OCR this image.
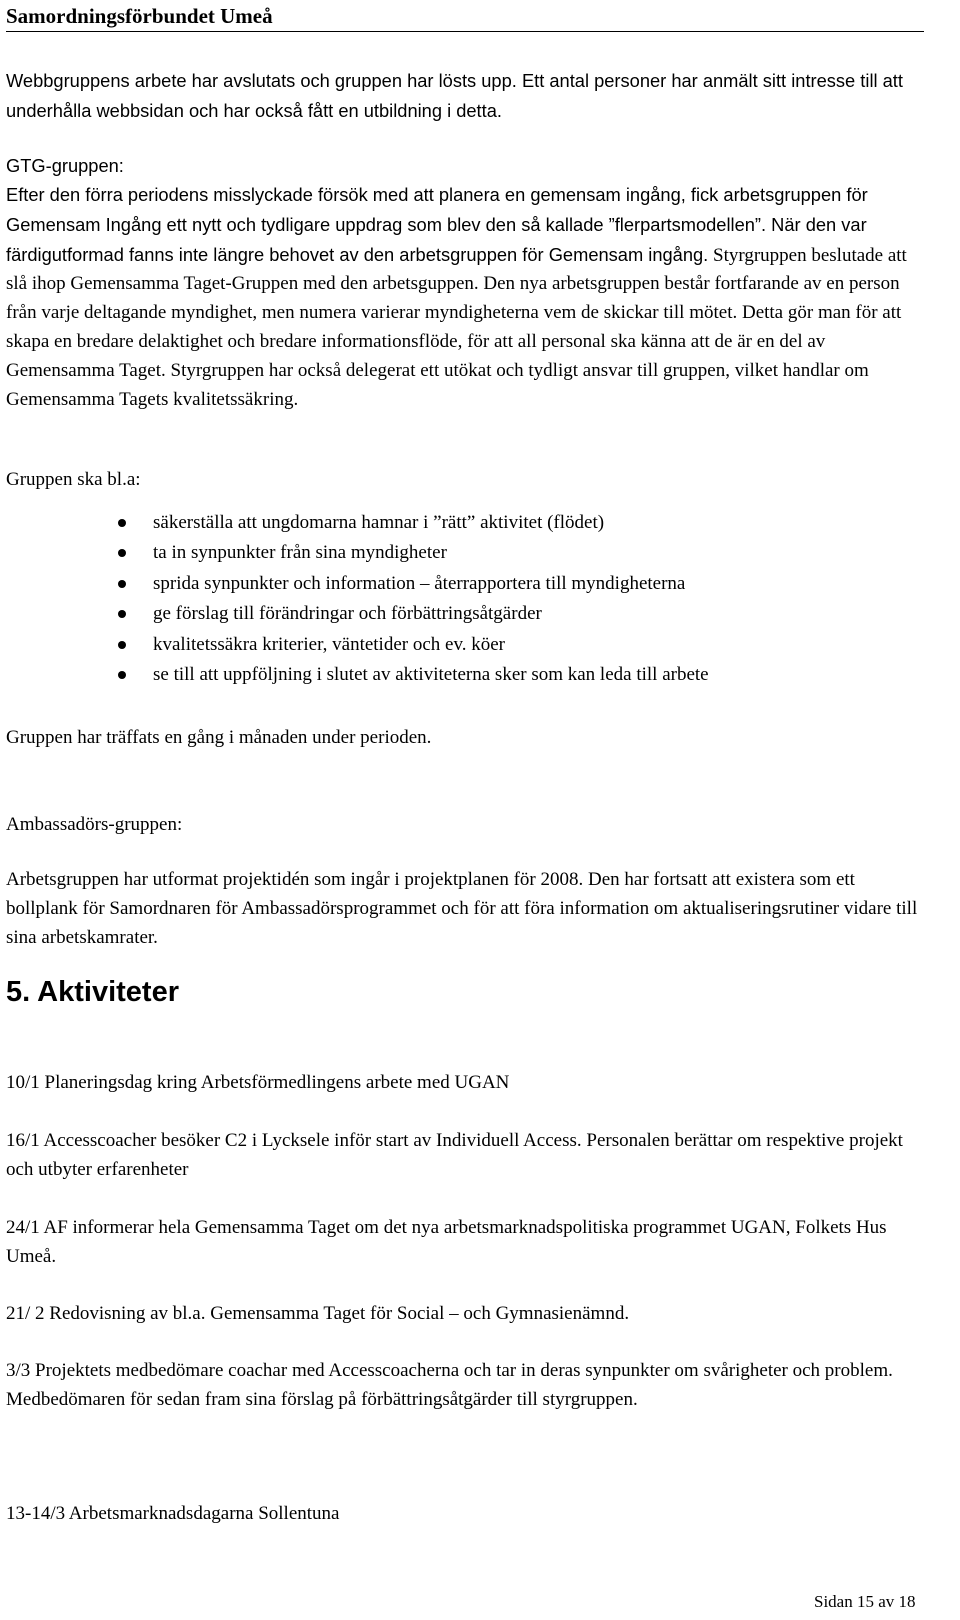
Samordningsförbundet Umeå

Webbgruppens arbete har avslutats och gruppen har lösts upp. Ett antal personer har anmält sitt intresse till att underhålla webbsidan och har också fått en utbildning i detta.

GTG-gruppen:

Efter den förra periodens misslyckade försök med att planera en gemensam ingång, fick arbetsgruppen för Gemensam Ingång ett nytt och tydligare uppdrag som blev den så kallade ”flerpartsmodellen”. När den var färdigutformad fanns inte längre behovet av den arbetsgruppen för Gemensam ingång. Styrgruppen beslutade att slå ihop Gemensamma Taget-Gruppen med den arbetsguppen. Den nya arbetsgruppen består fortfarande av en person från varje deltagande myndighet, men numera varierar myndigheterna vem de skickar till mötet. Detta gör man för att skapa en bredare delaktighet och bredare informationsflöde, för att all personal ska känna att de är en del av Gemensamma Taget. Styrgruppen har också delegerat ett utökat och tydligt ansvar till gruppen, vilket handlar om Gemensamma Tagets kvalitetssäkring.

Gruppen ska bl.a:

säkerställa att ungdomarna hamnar i ”rätt” aktivitet (flödet)
ta in synpunkter från sina myndigheter
sprida synpunkter och information – återrapportera till myndigheterna
ge förslag till förändringar och förbättringsåtgärder
kvalitetssäkra kriterier, väntetider och ev. köer
se till att uppföljning i slutet av aktiviteterna sker som kan leda till arbete

Gruppen har träffats en gång i månaden under perioden.

Ambassadörs-gruppen:

Arbetsgruppen har utformat projektidén som ingår i projektplanen för 2008. Den har fortsatt att existera som ett bollplank för Samordnaren för Ambassadörsprogrammet och för att föra information om aktualiseringsrutiner vidare till sina arbetskamrater.

5. Aktiviteter

10/1 Planeringsdag kring Arbetsförmedlingens arbete med UGAN

16/1 Accesscoacher besöker C2 i Lycksele inför start av Individuell Access. Personalen berättar om respektive projekt och utbyter erfarenheter

24/1 AF informerar hela Gemensamma Taget om det nya arbetsmarknadspolitiska programmet UGAN, Folkets Hus Umeå.

21/ 2 Redovisning av bl.a. Gemensamma Taget för Social – och Gymnasienämnd.

3/3 Projektets medbedömare coachar med Accesscoacherna och tar in deras synpunkter om svårigheter och problem. Medbedömaren för sedan fram sina förslag på förbättringsåtgärder till styrgruppen.

13-14/3 Arbetsmarknadsdagarna Sollentuna

Sidan 15 av 18
